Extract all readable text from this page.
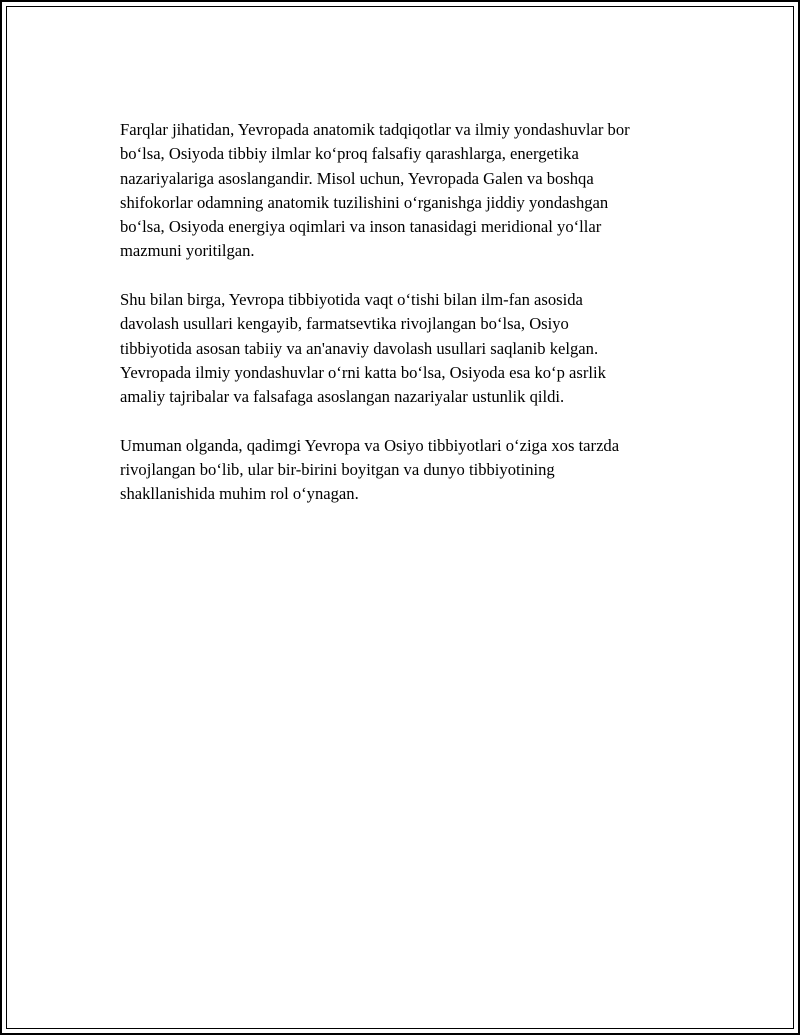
Farqlar jihatidan, Yevropada anatomik tadqiqotlar va ilmiy yondashuvlar bor
bo‘lsa, Osiyoda tibbiy ilmlar ko‘proq falsafiy qarashlarga, energetika
nazariyalariga asoslangandir. Misol uchun, Yevropada Galen va boshqa
shifokorlar odamning anatomik tuzilishini o‘rganishga jiddiy yondashgan
bo‘lsa, Osiyoda energiya oqimlari va inson tanasidagi meridional yo‘llar
mazmuni yoritilgan.

Shu bilan birga, Yevropa tibbiyotida vaqt o‘tishi bilan ilm-fan asosida
davolash usullari kengayib, farmatsevtika rivojlangan bo‘lsa, Osiyo
tibbiyotida asosan tabiiy va an'anaviy davolash usullari saqlanib kelgan.
Yevropada ilmiy yondashuvlar o‘rni katta bo‘lsa, Osiyoda esa ko‘p asrlik
amaliy tajribalar va falsafaga asoslangan nazariyalar ustunlik qildi.

Umuman olganda, qadimgi Yevropa va Osiyo tibbiyotlari o‘ziga xos tarzda
rivojlangan bo‘lib, ular bir-birini boyitgan va dunyo tibbiyotining
shakllanishida muhim rol o‘ynagan.
